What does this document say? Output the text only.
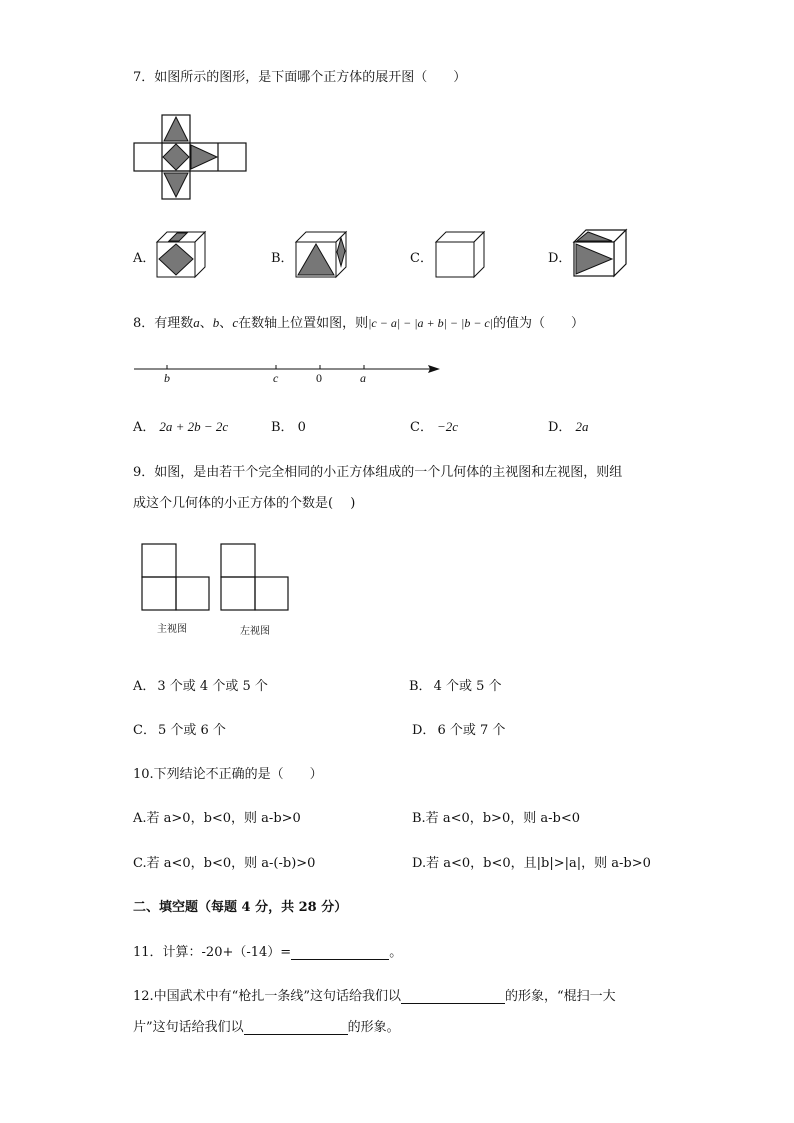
7．如图所示的图形，是下面哪个正方体的展开图（　　）
A．	B．	C．	D．
8．有理数a、b、c在数轴上位置如图，则|c − a| − |a + b| − |b − c|的值为（　　）
b	c	0	a
A． 2a + 2b − 2c	B． 0	C． −2c	D． 2a
9．如图，是由若干个完全相同的小正方体组成的一个几何体的主视图和左视图，则组
成这个几何体的小正方体的个数是(　 )
主视图	左视图
A． 3 个或 4 个或 5 个	B． 4 个或 5 个
C． 5 个或 6 个	D． 6 个或 7 个
10.下列结论不正确的是（　　）
A.若 a>0，b<0，则 a-b>0	B.若 a<0，b>0，则 a-b<0
C.若 a<0，b<0，则 a-(-b)>0	D.若 a<0，b<0，且|b|>|a|，则 a-b>0
二、填空题（每题 4 分，共 28 分）
11．计算：-20+（-14）=	。
12.中国武术中有“枪扎一条线”这句话给我们以	的形象，“棍扫一大
片”这句话给我们以	的形象。
